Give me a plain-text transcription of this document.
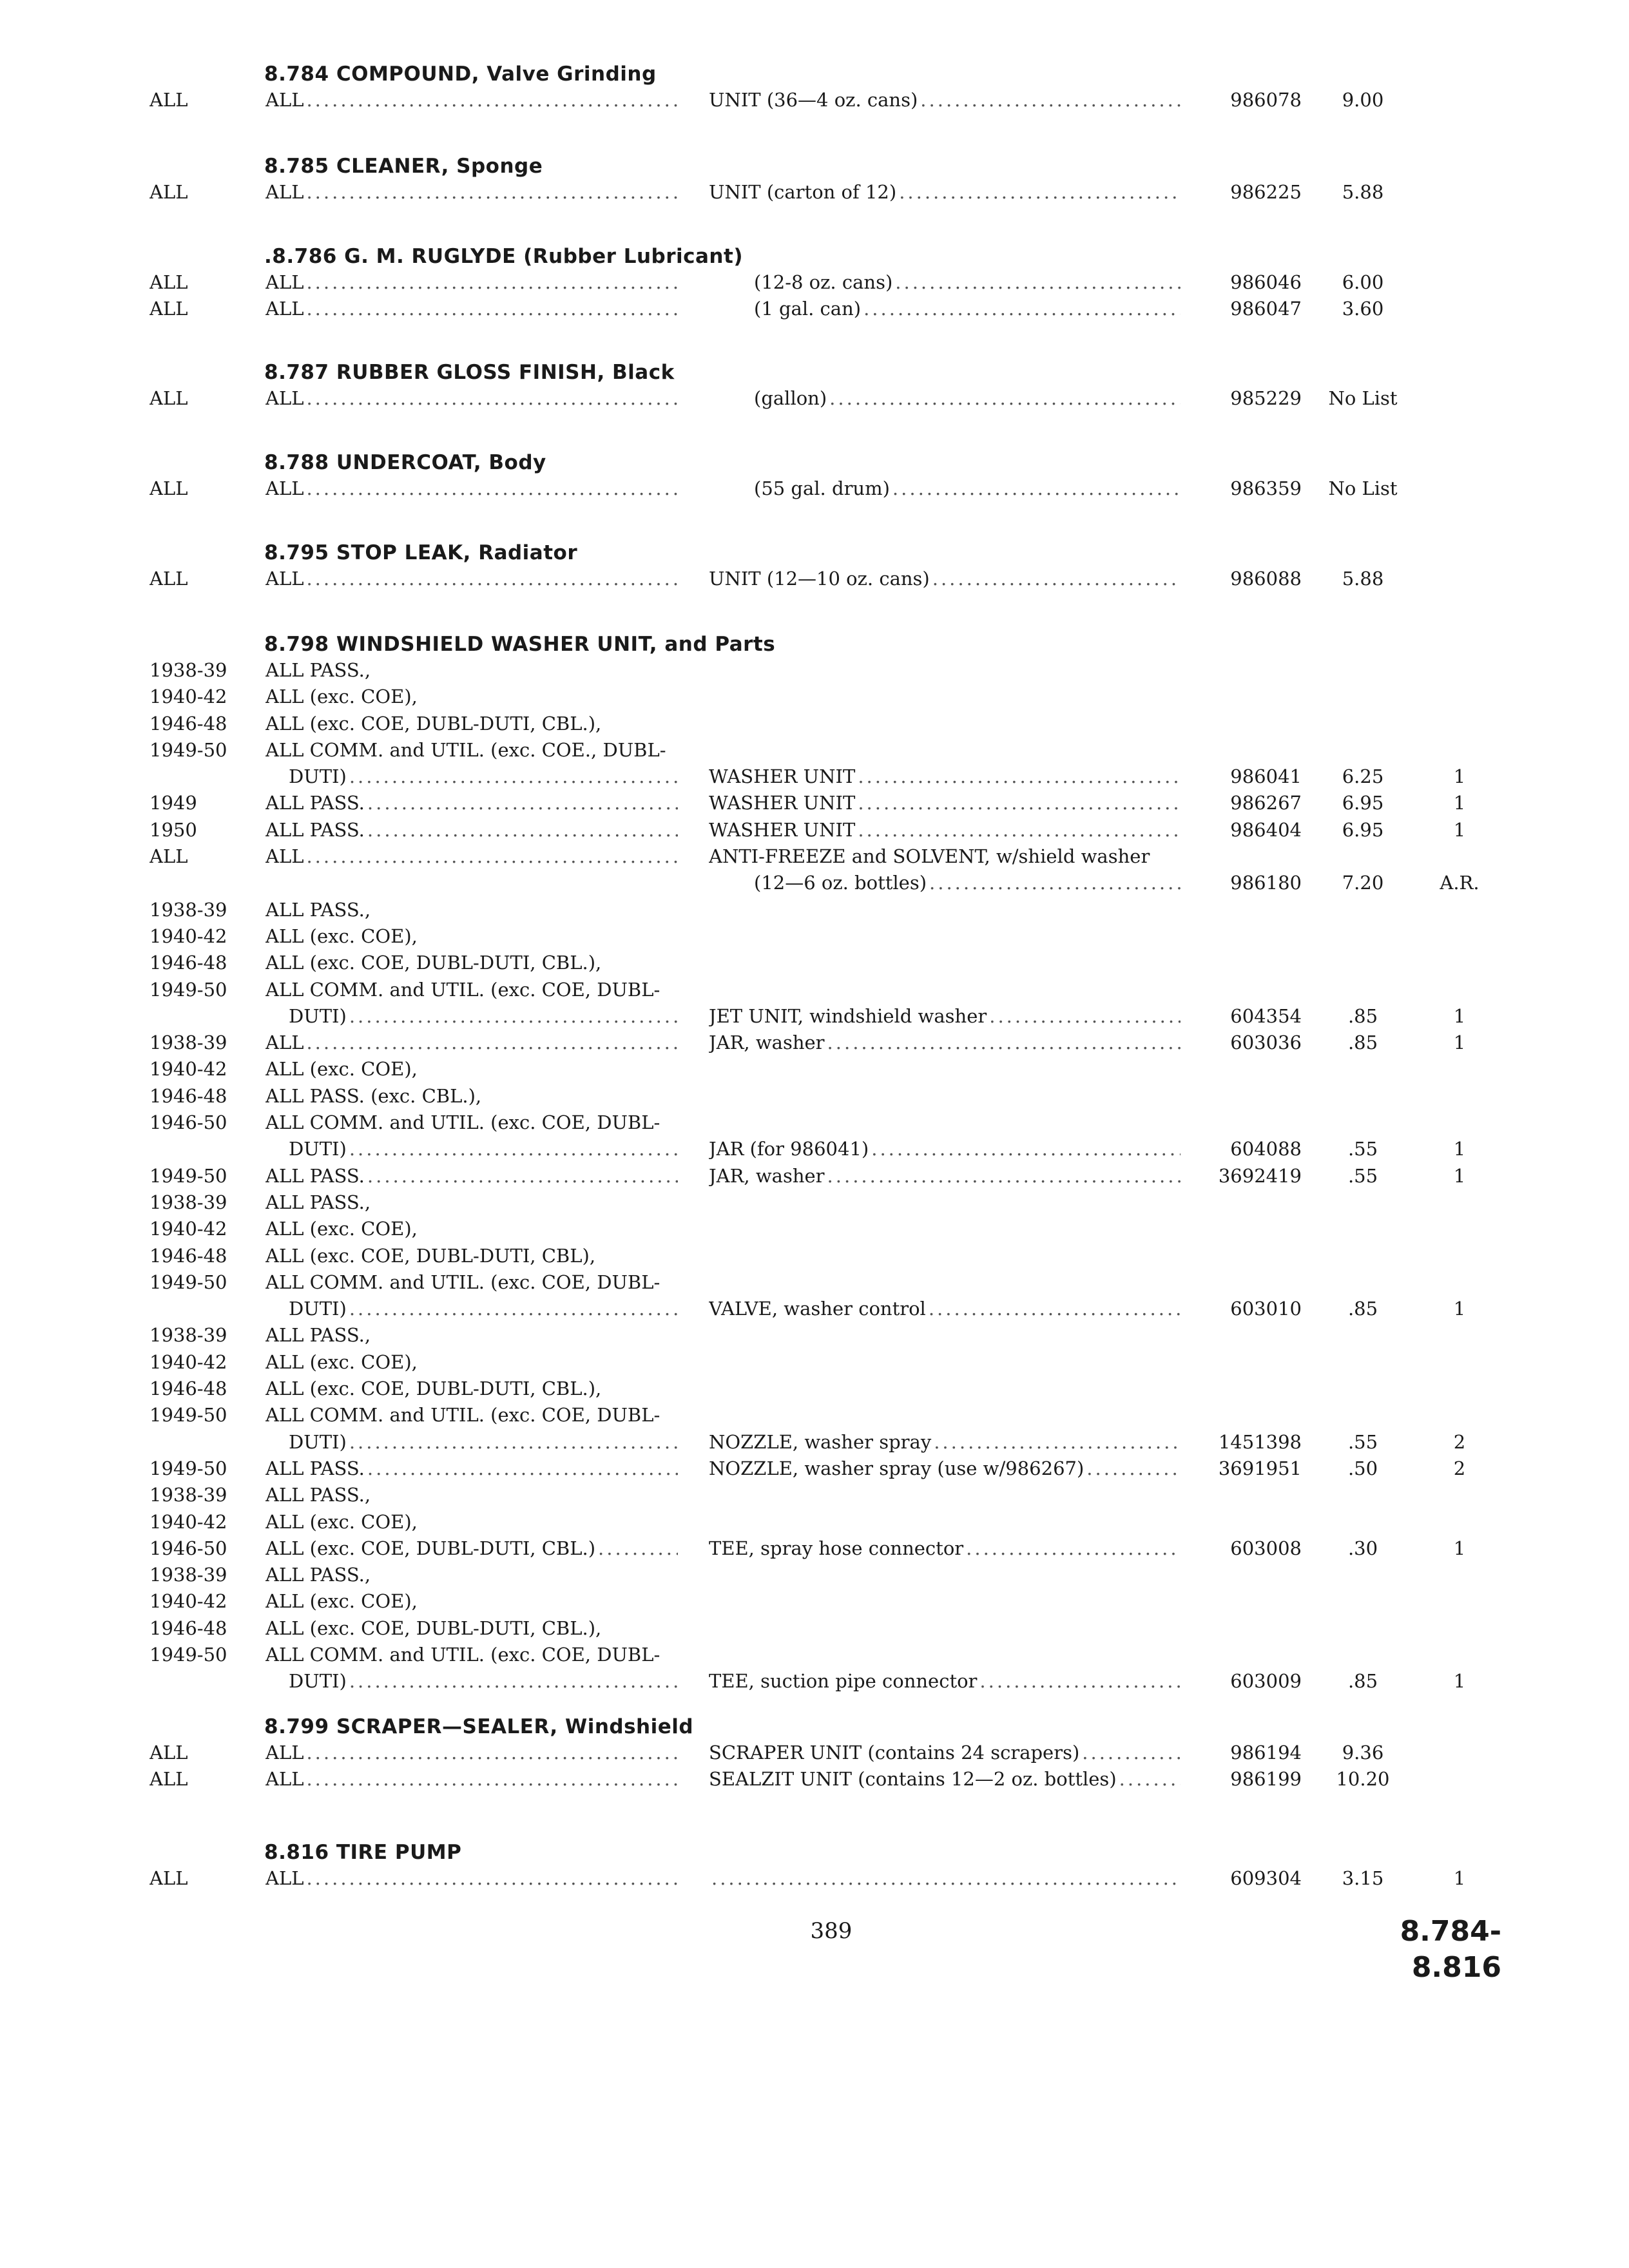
8.784 COMPOUND, Valve Grinding
ALL	ALL .....	UNIT (36—4 oz. cans) .....	986078	9.00
8.785 CLEANER, Sponge
ALL	ALL .....	UNIT (carton of 12) .....	986225	5.88
.8.786 G. M. RUGLYDE (Rubber Lubricant)
ALL	ALL .....	(12-8 oz. cans) .....	986046	6.00
ALL	ALL .....	(1 gal. can) .....	986047	3.60
8.787 RUBBER GLOSS FINISH, Black
ALL	ALL .....	(gallon) .....	985229	No List
8.788 UNDERCOAT, Body
ALL	ALL .....	(55 gal. drum) .....	986359	No List
8.795 STOP LEAK, Radiator
ALL	ALL .....	UNIT (12—10 oz. cans) .....	986088	5.88
8.798 WINDSHIELD WASHER UNIT, and Parts
1938-39	ALL PASS.,
1940-42	ALL (exc. COE),
1946-48	ALL (exc. COE, DUBL-DUTI, CBL.),
1949-50	ALL COMM. and UTIL. (exc. COE., DUBL-
DUTI) .....	WASHER UNIT .....	986041	6.25	1
1949	ALL PASS. .....	WASHER UNIT .....	986267	6.95	1
1950	ALL PASS. .....	WASHER UNIT .....	986404	6.95	1
ALL	ALL .....	ANTI-FREEZE and SOLVENT, w/shield washer
(12—6 oz. bottles) .....	986180	7.20	A.R.
1938-39	ALL PASS.,
1940-42	ALL (exc. COE),
1946-48	ALL (exc. COE, DUBL-DUTI, CBL.),
1949-50	ALL COMM. and UTIL. (exc. COE, DUBL-
DUTI) .....	JET UNIT, windshield washer .....	604354	.85	1
1938-39	ALL .....	JAR, washer .....	603036	.85	1
1940-42	ALL (exc. COE),
1946-48	ALL PASS. (exc. CBL.),
1946-50	ALL COMM. and UTIL. (exc. COE, DUBL-
DUTI) .....	JAR (for 986041) .....	604088	.55	1
1949-50	ALL PASS. .....	JAR, washer .....	3692419	.55	1
1938-39	ALL PASS.,
1940-42	ALL (exc. COE),
1946-48	ALL (exc. COE, DUBL-DUTI, CBL),
1949-50	ALL COMM. and UTIL. (exc. COE, DUBL-
DUTI) .....	VALVE, washer control .....	603010	.85	1
1938-39	ALL PASS.,
1940-42	ALL (exc. COE),
1946-48	ALL (exc. COE, DUBL-DUTI, CBL.),
1949-50	ALL COMM. and UTIL. (exc. COE, DUBL-
DUTI) .....	NOZZLE, washer spray .....	1451398	.55	2
1949-50	ALL PASS. .....	NOZZLE, washer spray (use w/986267) .....	3691951	.50	2
1938-39	ALL PASS.,
1940-42	ALL (exc. COE),
1946-50	ALL (exc. COE, DUBL-DUTI, CBL.) .....	TEE, spray hose connector .....	603008	.30	1
1938-39	ALL PASS.,
1940-42	ALL (exc. COE),
1946-48	ALL (exc. COE, DUBL-DUTI, CBL.),
1949-50	ALL COMM. and UTIL. (exc. COE, DUBL-
DUTI) .....	TEE, suction pipe connector .....	603009	.85	1
8.799 SCRAPER—SEALER, Windshield
ALL	ALL .....	SCRAPER UNIT (contains 24 scrapers) .....	986194	9.36
ALL	ALL .....	SEALZIT UNIT (contains 12—2 oz. bottles) .....	986199	10.20
8.816 TIRE PUMP
ALL	ALL ..... .....	609304	3.15	1
389	8.784-8.816
